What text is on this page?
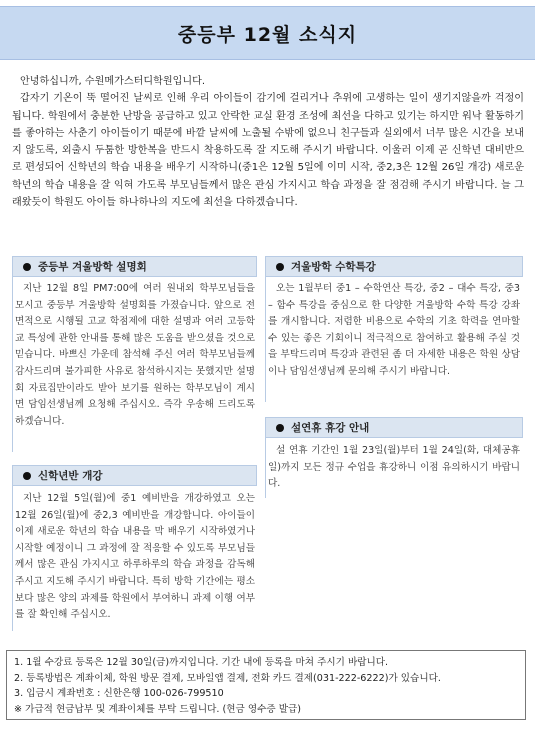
중등부 12월 소식지

안녕하십니까, 수원메가스터디학원입니다.

갑자기 기온이 뚝 떨어진 날씨로 인해 우리 아이들이 감기에 걸리거나 추위에 고생하는 일이 생기지않을까 걱정이 됩니다. 학원에서 충분한 난방을 공급하고 있고 안락한 교실 환경 조성에 최선을 다하고 있기는 하지만 워낙 활동하기를 좋아하는 사춘기 아이들이기 때문에 바깥 날씨에 노출될 수밖에 없으니 친구들과 실외에서 너무 많은 시간을 보내지 않도록, 외출시 두툼한 방한복을 반드시 착용하도록 잘 지도해 주시기 바랍니다. 이울러 이제 곧 신학년 대비반으로 편성되어 신학년의 학습 내용을 배우기 시작하니(중1은 12월 5일에 이미 시작, 중2,3은 12월 26일 개강) 새로운 학년의 학습 내용을 잘 익혀 가도록 부모님들께서 많은 관심 가지시고 학습 과정을 잘 점검해 주시기 바랍니다. 늘 그래왔듯이 학원도 아이들 하나하나의 지도에 최선을 다하겠습니다.

중등부 겨울방학 설명회

지난 12월 8일 PM7:00에 여러 원내외 학부모님들을 모시고 중등부 겨울방학 설명회를 가졌습니다. 앞으로 전면적으로 시행될 고교 학점제에 대한 설명과 여러 고등학교 특성에 관한 안내를 통해 많은 도움을 받으셨을 것으로 믿습니다. 바쁘신 가운데 참석해 주신 여러 학부모님들께 감사드리며 불가피한 사유로 참석하시지는 못했지만 설명회 자료집만이라도 받아 보기를 원하는 학부모님이 계시면 담임선생님께 요청해 주십시오. 즉각 우송해 드리도록 하겠습니다.

신학년반 개강

지난 12월 5일(월)에 중1 예비반을 개강하였고 오는 12월 26일(월)에 중2,3 예비반을 개강합니다. 아이들이 이제 새로운 학년의 학습 내용을 막 배우기 시작하였거나 시작할 예정이니 그 과정에 잘 적응할 수 있도록 부모님들께서 많은 관심 가지시고 하루하루의 학습 과정을 감독해 주시고 지도해 주시기 바랍니다. 특히 방학 기간에는 평소보다 많은 양의 과제를 학원에서 부여하니 과제 이행 여부를 잘 확인해 주십시오.

겨울방학 수학특강

오는 1월부터 중1 – 수학연산 특강, 중2 – 대수 특강, 중3 – 함수 특강을 중심으로 한 다양한 겨울방학 수학 특강 강좌를 개시합니다. 저렴한 비용으로 수학의 기초 학력을 연마할 수 있는 좋은 기회이니 적극적으로 참여하고 활용해 주실 것을 부탁드리며 특강과 관련된 좀 더 자세한 내용은 학원 상담이나 담임선생님께 문의해 주시기 바랍니다.

설연휴 휴강 안내

설 연휴 기간인 1월 23일(월)부터 1월 24일(화, 대체공휴일)까지 모든 정규 수업을 휴강하니 이점 유의하시기 바랍니다.

1. 1월 수강료 등록은 12월 30일(금)까지입니다. 기간 내에 등록을 마쳐 주시기 바랍니다.
2. 등록방법은 계좌이체, 학원 방문 결제, 모바일앱 결제, 전화 카드 결제(031-222-6222)가 있습니다.
3. 입금시 계좌번호 : 신한은행 100-026-799510
※ 가급적 현금납부 및 계좌이체를 부탁 드립니다. (현금 영수증 발급)
